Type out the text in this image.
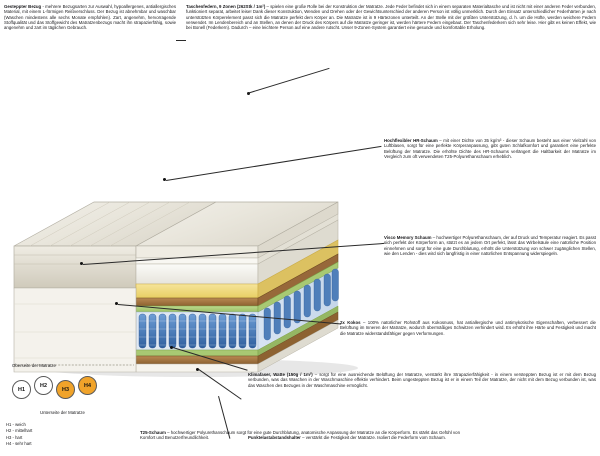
Gesteppter Bezug - mehrere Bezugsarten zur Auswahl, hypoallergenes, antiallergisches Material, mit einem L-förmigen Reißverschluss. Der Bezug ist abnehmbar und waschbar (Waschen mindestens alle sechs Monate empfohlen). Zart, angenehm, hervorragende Stoffqualität und das Stoffgewicht des Matratzenbezugs macht ihn strapazierfähig, sowie angenehm und zart im täglichen Gebrauch.
Taschenfedern, 9 Zonen (262Stk / 1m²) – spielen eine große Rolle bei der Konstruktion der Matratze. Jede Feder befindet sich in einem separaten Materialtasche und ist nicht mit einer anderen Feder verbunden, funktioniert separat, arbeitet leise! Dank dieser Konstruktion, Wenden und Drehen oder der Gewichtsunterschied der anderen Person ist völlig unmerklich. Durch den Einsatz unterschiedlicher Federhärten je nach unterstützten Körperelement passt sich die Matratze perfekt dem Körper an. Die Matratze ist in 9 Härtezonen unterteilt. An der Stelle mit der größten Unterstützung, d. h. um die Hüfte, werden weichere Federn verwendet. Im Lendenbereich und an Stellen, an denen der Druck des Körpers auf die Matratze geringer ist, werden härtere Federn eingebaut. Der Taschenfederkern sich sehr leise. Hier gibt es keinen Effekt, wie bei Bonell (Federkern). Dadurch – eine leichtere Person auf eine andere rutscht. Unser 9-Zonen-System garantiert eine gesunde und komfortable Erholung.
Hochflexibler HR-Schaum – mit einer Dichte von 35 kg/m³ - dieser Schaum besteht aus einer Vielzahl von Luftblasen, sorgt für eine perfekte Körperanpassung, gibt guten Schlafkomfort und garantiert eine perfekte Belüftung der Matratze. Die erhöhte Dichte des HR-Schaums verlängert die Haltbarkeit der Matratze im Vergleich zum oft verwendeten T25-Polyurethanschaum erheblich.
Visco Memory Schaum – hochwertiger Polyurethanschaum, der auf Druck und Temperatur reagiert. Es passt sich perfekt der Körperform an, stützt es an jedem Ort perfekt, lässt das Wirbelsäule eine natürliche Position einnehmen und sorgt für eine gute Durchblutung, erhöht die Unterstützung von schwer zugänglichen Stellen, wie den Lenden - dies wird sich langfristig in einer natürlichen Entspannung widerspiegeln.
2x Kokos – 100% natürlicher Rohstoff aus Kokosnuss, hat antiallergische und antimykotische Eigenschaften, verbessert die Belüftung im Inneren der Matratze, wodurch übermäßiges Schwitzen verhindert wird. Es erhöht ihre Härte und Festigkeit und macht die Matratze widerstandsfähiger gegen Verformungen.
Klimafaser, Watte (150g / 1m²) – sorgt für eine ausreichende Belüftung der Matratze, verstärkt ihre Strapazierfähigkeit - in einem versteppten Bezug ist er mit dem Bezug verbunden, was das Waschen in der Waschmaschine effektiv verhindert. Beim ungesteppten Bezug ist er in einem Teil der Matratze, der nicht mit dem Bezug verbunden ist, was das Waschen des Bezuges in der Waschmaschine ermöglicht.
Punktelastabstandshalter – verstärkt die Festigkeit der Matratze. Isoliert die Federform vom Schaum.
T25-Schaum – hochwertiger Polyurethanschaum sorgt für eine gute Durchblutung, anatomische Anpassung der Matratze an die Körperform. Es stärkt das Gefühl von Komfort und Benutzerfreundlichkeit.
Oberseite der Matratze
H1
H2
H3
H4
Unterseite der Matratze
H1 - weich
H2 - mittelhart
H3 - hart
H4 - sehr hart
